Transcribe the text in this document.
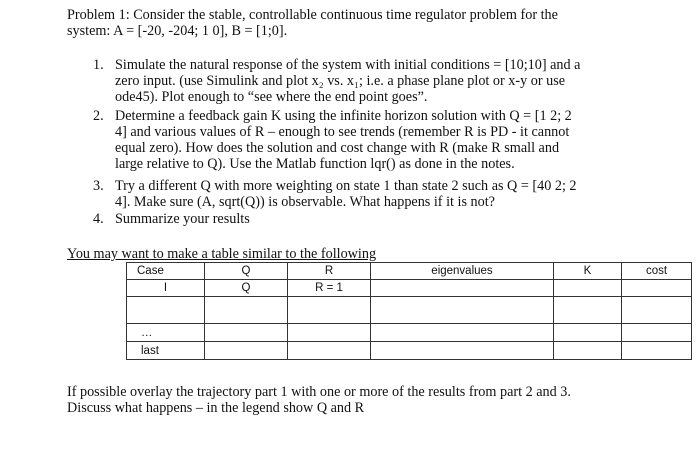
Problem 1: Consider the stable, controllable continuous time regulator problem for the
system: A = [-20, -204; 1 0], B = [1;0].
1. Simulate the natural response of the system with initial conditions = [10;10] and a
zero input. (use Simulink and plot x₂ vs. x₁; i.e. a phase plane plot or x-y or use
ode45). Plot enough to “see where the end point goes”.
2. Determine a feedback gain K using the infinite horizon solution with Q = [1 2; 2
4] and various values of R – enough to see trends (remember R is PD - it cannot
equal zero). How does the solution and cost change with R (make R small and
large relative to Q). Use the Matlab function lqr() as done in the notes.
3. Try a different Q with more weighting on state 1 than state 2 such as Q = [40 2; 2
4]. Make sure (A, sqrt(Q)) is observable. What happens if it is not?
4. Summarize your results
You may want to make a table similar to the following
Case	Q	R	eigenvalues	K	cost
I	Q	R = 1			

…					
last					
If possible overlay the trajectory part 1 with one or more of the results from part 2 and 3.
Discuss what happens – in the legend show Q and R
